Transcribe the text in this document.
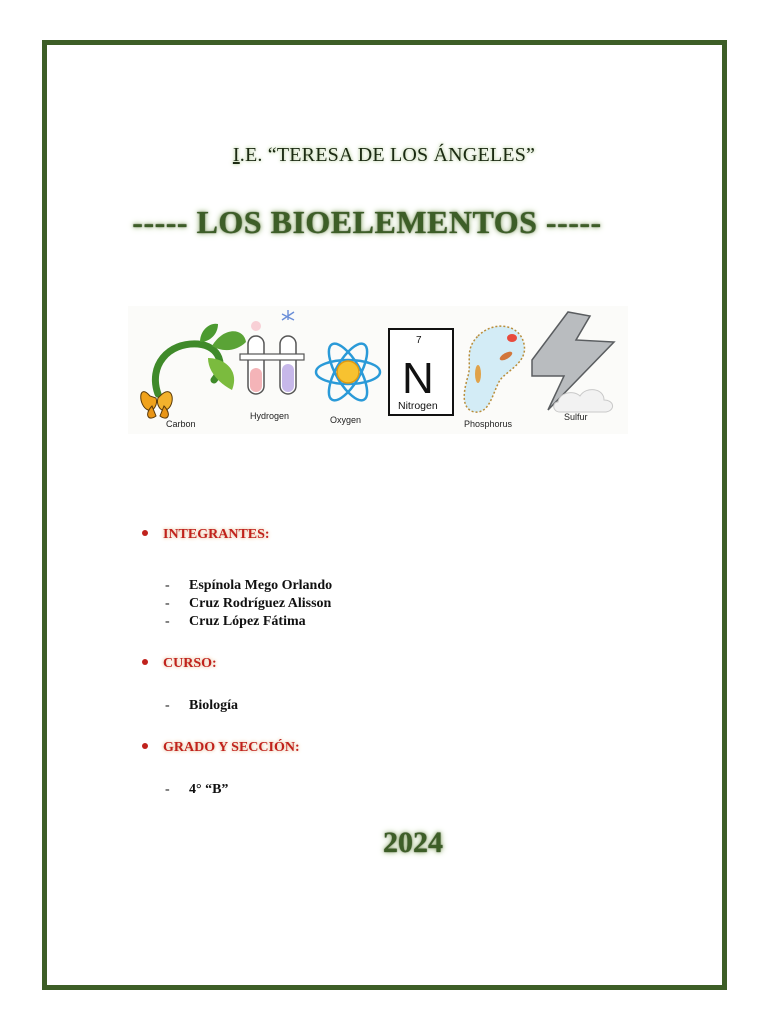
I.E. “TERESA DE LOS ÁNGELES”
----- LOS BIOELEMENTOS -----
Carbon
Hydrogen	Oxygen
7
N
Nitrogen
Phosphorus
Sulfur
INTEGRANTES:
- Espínola Mego Orlando
- Cruz Rodríguez Alisson
- Cruz López Fátima
CURSO:
- Biología
GRADO Y SECCIÓN:
- 4° “B”
2024
